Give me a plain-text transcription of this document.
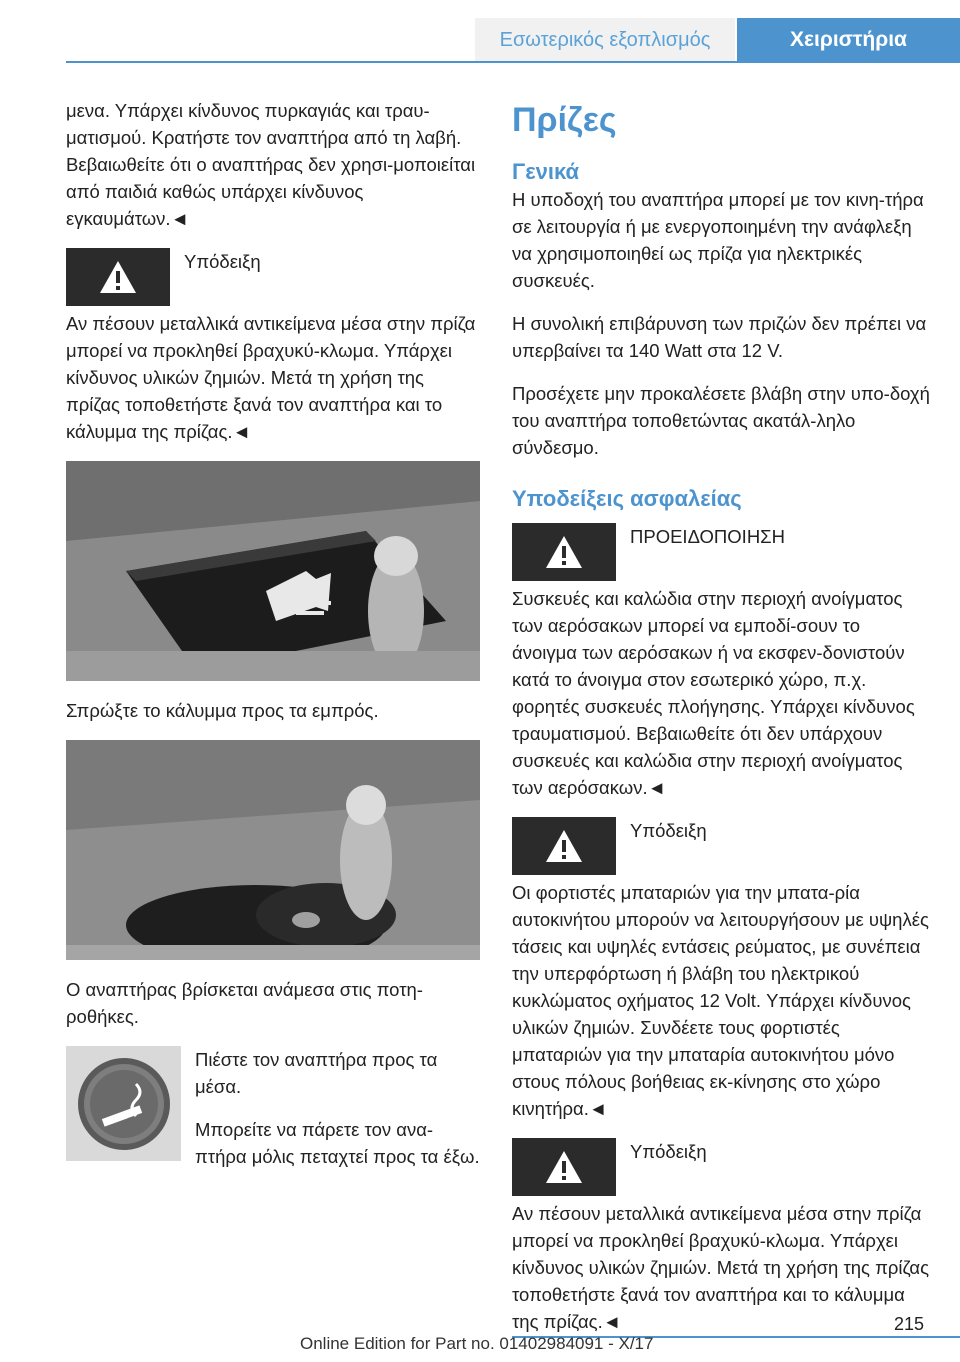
Εσωτερικός εξοπλισμός	Χειριστήρια

μενα. Υπάρχει κίνδυνος πυρκαγιάς και τραυ‐ματισμού. Κρατήστε τον αναπτήρα από τη λαβή. Βεβαιωθείτε ότι ο αναπτήρας δεν χρησι‐μοποιείται από παιδιά καθώς υπάρχει κίνδυνος εγκαυμάτων.◄

Υπόδειξη
Αν πέσουν μεταλλικά αντικείμενα μέσα στην πρίζα μπορεί να προκληθεί βραχυκύ‐κλωμα. Υπάρχει κίνδυνος υλικών ζημιών. Μετά τη χρήση της πρίζας τοποθετήστε ξανά τον αναπτήρα και το κάλυμμα της πρίζας.◄

Σπρώξτε το κάλυμμα προς τα εμπρός.

Ο αναπτήρας βρίσκεται ανάμεσα στις ποτη‐ροθήκες.

Πιέστε τον αναπτήρα προς τα μέσα.

Μπορείτε να πάρετε τον ανα‐πτήρα μόλις πεταχτεί προς τα έξω.

Πρίζες
Γενικά

Η υποδοχή του αναπτήρα μπορεί με τον κινη‐τήρα σε λειτουργία ή με ενεργοποιημένη την ανάφλεξη να χρησιμοποιηθεί ως πρίζα για ηλεκτρικές συσκευές.

Η συνολική επιβάρυνση των πριζών δεν πρέπει να υπερβαίνει τα 140 Watt στα 12 V.

Προσέχετε μην προκαλέσετε βλάβη στην υπο‐δοχή του αναπτήρα τοποθετώντας ακατάλ‐ληλο σύνδεσμο.

Υποδείξεις ασφαλείας
ΠΡΟΕΙΔΟΠΟΙΗΣΗ
Συσκευές και καλώδια στην περιοχή ανοίγματος των αερόσακων μπορεί να εμποδί‐σουν το άνοιγμα των αερόσακων ή να εκσφεν‐δονιστούν κατά το άνοιγμα στον εσωτερικό χώρο, π.χ. φορητές συσκευές πλοήγησης. Υπάρχει κίνδυνος τραυματισμού. Βεβαιωθείτε ότι δεν υπάρχουν συσκευές και καλώδια στην περιοχή ανοίγματος των αερόσακων.◄
Υπόδειξη
Οι φορτιστές μπαταριών για την μπατα‐ρία αυτοκινήτου μπορούν να λειτουργήσουν με υψηλές τάσεις και υψηλές εντάσεις ρεύματος, με συνέπεια την υπερφόρτωση ή βλάβη του ηλεκτρικού κυκλώματος οχήματος 12 Volt. Υπάρχει κίνδυνος υλικών ζημιών. Συνδέετε τους φορτιστές μπαταριών για την μπαταρία αυτοκινήτου μόνο στους πόλους βοήθειας εκ‐κίνησης στο χώρο κινητήρα.◄
Υπόδειξη
Αν πέσουν μεταλλικά αντικείμενα μέσα στην πρίζα μπορεί να προκληθεί βραχυκύ‐κλωμα. Υπάρχει κίνδυνος υλικών ζημιών. Μετά τη χρήση της πρίζας τοποθετήστε ξανά τον αναπτήρα και το κάλυμμα της πρίζας.◄	215
Online Edition for Part no. 01402984091 - X/17
